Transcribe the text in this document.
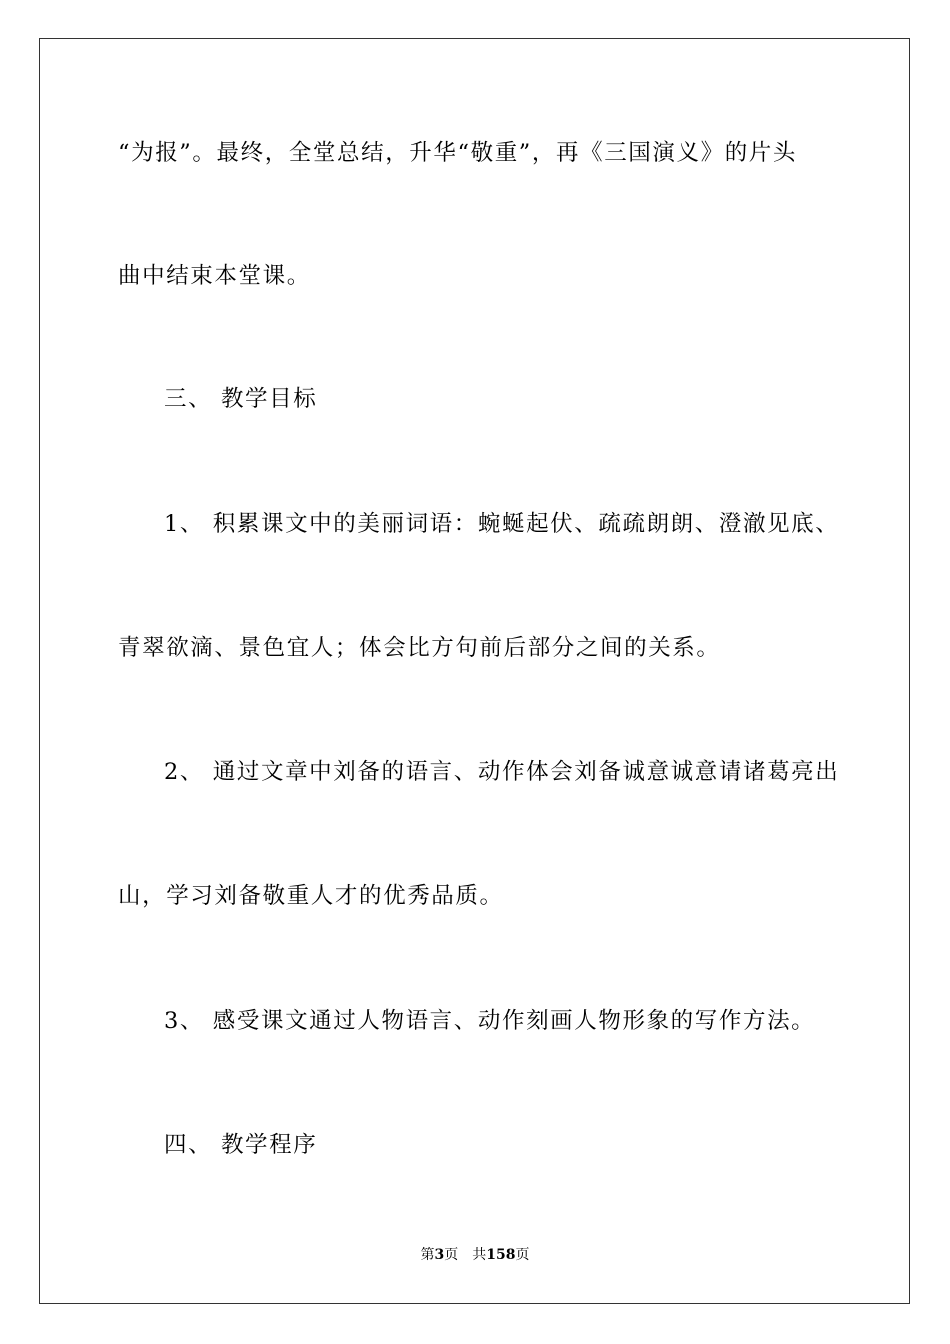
“为报”。最终，全堂总结，升华“敬重”，再《三国演义》的片头
曲中结束本堂课。
三、 教学目标
1、 积累课文中的美丽词语：蜿蜒起伏、疏疏朗朗、澄澈见底、
青翠欲滴、景色宜人；体会比方句前后部分之间的关系。
2、 通过文章中刘备的语言、动作体会刘备诚意诚意请诸葛亮出
山，学习刘备敬重人才的优秀品质。
3、 感受课文通过人物语言、动作刻画人物形象的写作方法。
四、 教学程序
第3页 共158页
